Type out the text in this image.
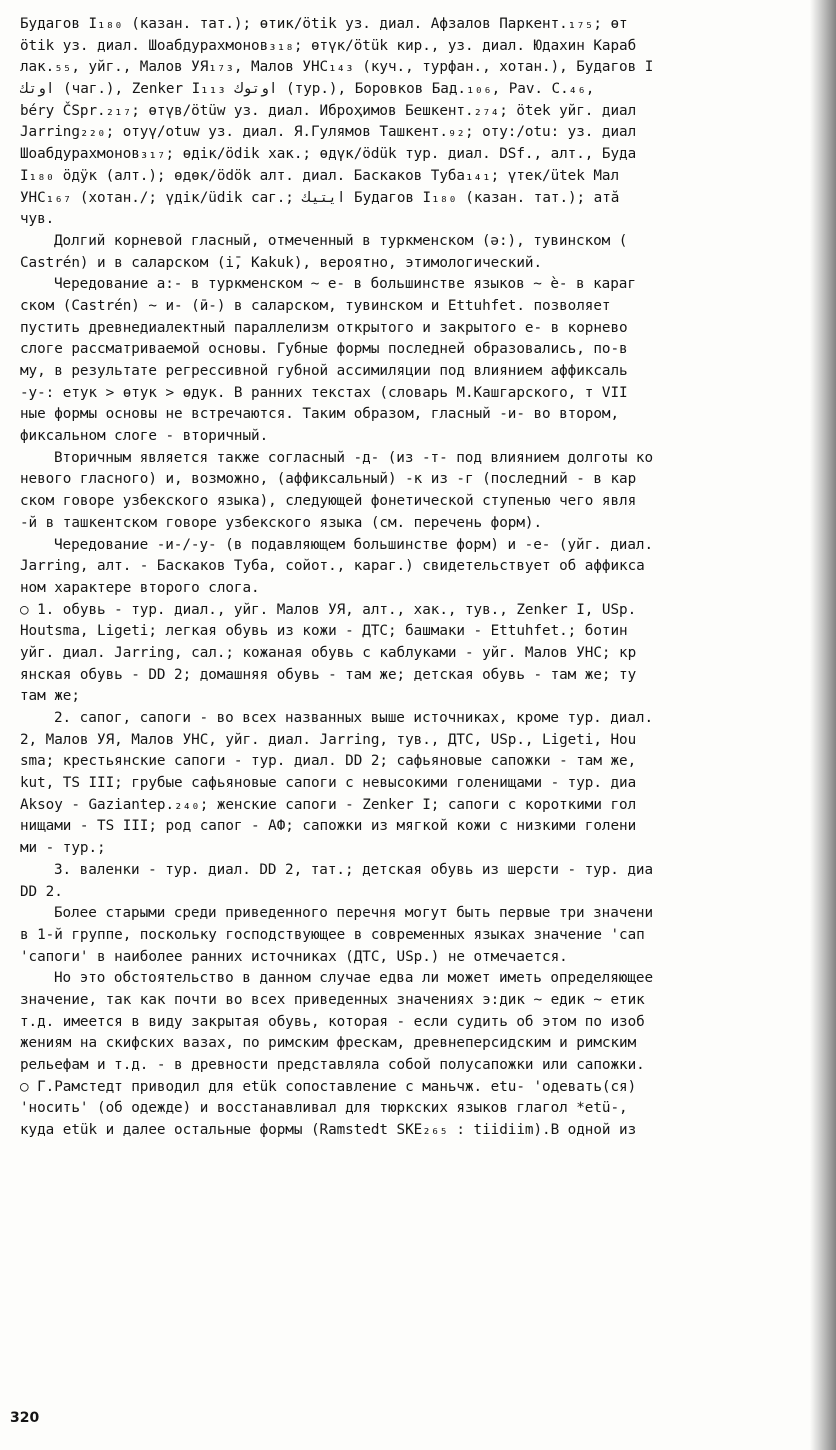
Будагов I₁₈₀ (казан. тат.); өтик/ötik уз. диал. Афзалов Паркент.₁₇₅; өт
ötik уз. диал. Шоабдурахмонов₃₁₈; өтүк/ötük кир., уз. диал. Юдахин Караб
лак.₅₅, уйг., Малов УЯ₁₇₃, Малов УНС₁₄₃ (куч., турфан., хотан.), Будагов I
اوتك (чаг.), Zenker I₁₁₃ اوتوك (тур.), Боровков Бад.₁₀₆, Pav. C.₄₆,
béry ČSpr.₂₁₇; өтүв/ötüw уз. диал. Иброҳимов Бешкент.₂₇₄; ötek уйг. диал
Jarring₂₂₀; отуү/otuw уз. диал. Я.Гулямов Ташкент.₉₂; оту:/otu: уз. диал
Шоабдурахмонов₃₁₇; өдік/ödik хак.; өдүк/ödük тур. диал. DSf., алт., Буда
I₁₈₀ ӧдӱк (алт.); өдөк/ödök алт. диал. Баскаков Туба₁₄₁; үтек/ütek Мал
УНС₁₆₇ (хотан./; үдік/üdik саг.; ايتيك Будагов I₁₈₀ (казан. тат.); атӑ
чув.
Долгий корневой гласный, отмеченный в туркменском (ә:), тувинском (
Castrén) и в саларском (і̄, Kakuk), вероятно, этимологический.
Чередование а:- в туркменском ~ е- в большинстве языков ~ ѐ- в караг
ском (Castrén) ~ и- (ӣ-) в саларском, тувинском и Ettuhfet. позволяет
пустить древнедиалектный параллелизм открытого и закрытого е- в корнево
слоге рассматриваемой основы. Губные формы последней образовались, по-в
му, в результате регрессивной губной ассимиляции под влиянием аффиксаль
-у-: етук > өтук > өдук. В ранних текстах (словарь М.Кашгарского, т VII
ные формы основы не встречаются. Таким образом, гласный -и- во втором,
фиксальном слоге - вторичный.
Вторичным является также согласный -д- (из -т- под влиянием долготы ко
невого гласного) и, возможно, (аффиксальный) -к из -г (последний - в кар
ском говоре узбекского языка), следующей фонетической ступенью чего явля
-й в ташкентском говоре узбекского языка (см. перечень форм).
Чередование -и-/-у- (в подавляющем большинстве форм) и -е- (уйг. диал.
Jarring, алт. - Баскаков Туба, сойот., караг.) свидетельствует об аффикса
ном характере второго слога.
○ 1. обувь - тур. диал., уйг. Малов УЯ, алт., хак., тув., Zenker I, USp.
Houtsma, Ligeti; легкая обувь из кожи - ДТС; башмаки - Ettuhfet.; ботин
уйг. диал. Jarring, сал.; кожаная обувь с каблуками - уйг. Малов УНС; кр
янская обувь - DD 2; домашняя обувь - там же; детская обувь - там же; ту
там же;
2. сапог, сапоги - во всех названных выше источниках, кроме тур. диал.
2, Малов УЯ, Малов УНС, уйг. диал. Jarring, тув., ДТС, USp., Ligeti, Hou
sma; крестьянские сапоги - тур. диал. DD 2; сафьяновые сапожки - там же,
kut, TS III; грубые сафьяновые сапоги с невысокими голенищами - тур. диа
Aksoy - Gaziantep.₂₄₀; женские сапоги - Zenker I; сапоги с короткими гол
нищами - TS III; род сапог - АФ; сапожки из мягкой кожи с низкими голени
ми - тур.;
3. валенки - тур. диал. DD 2, тат.; детская обувь из шерсти - тур. диа
DD 2.
Более старыми среди приведенного перечня могут быть первые три значени
в 1-й группе, поскольку господствующее в современных языках значение 'сап
'сапоги' в наиболее ранних источниках (ДТС, USp.) не отмечается.
Но это обстоятельство в данном случае едва ли может иметь определяющее
значение, так как почти во всех приведенных значениях э:дик ~ едик ~ етик
т.д. имеется в виду закрытая обувь, которая - если судить об этом по изоб
жениям на скифских вазах, по римским фрескам, древнеперсидским и римским
рельефам и т.д. - в древности представляла собой полусапожки или сапожки.
○ Г.Рамстедт приводил для etük сопоставление с маньчж. etu- 'одевать(ся)
'носить' (об одежде) и восстанавливал для тюркских языков глагол *etü-,
куда etük и далее остальные формы (Ramstedt SKE₂₆₅ : tiidiim).В одной из
320
